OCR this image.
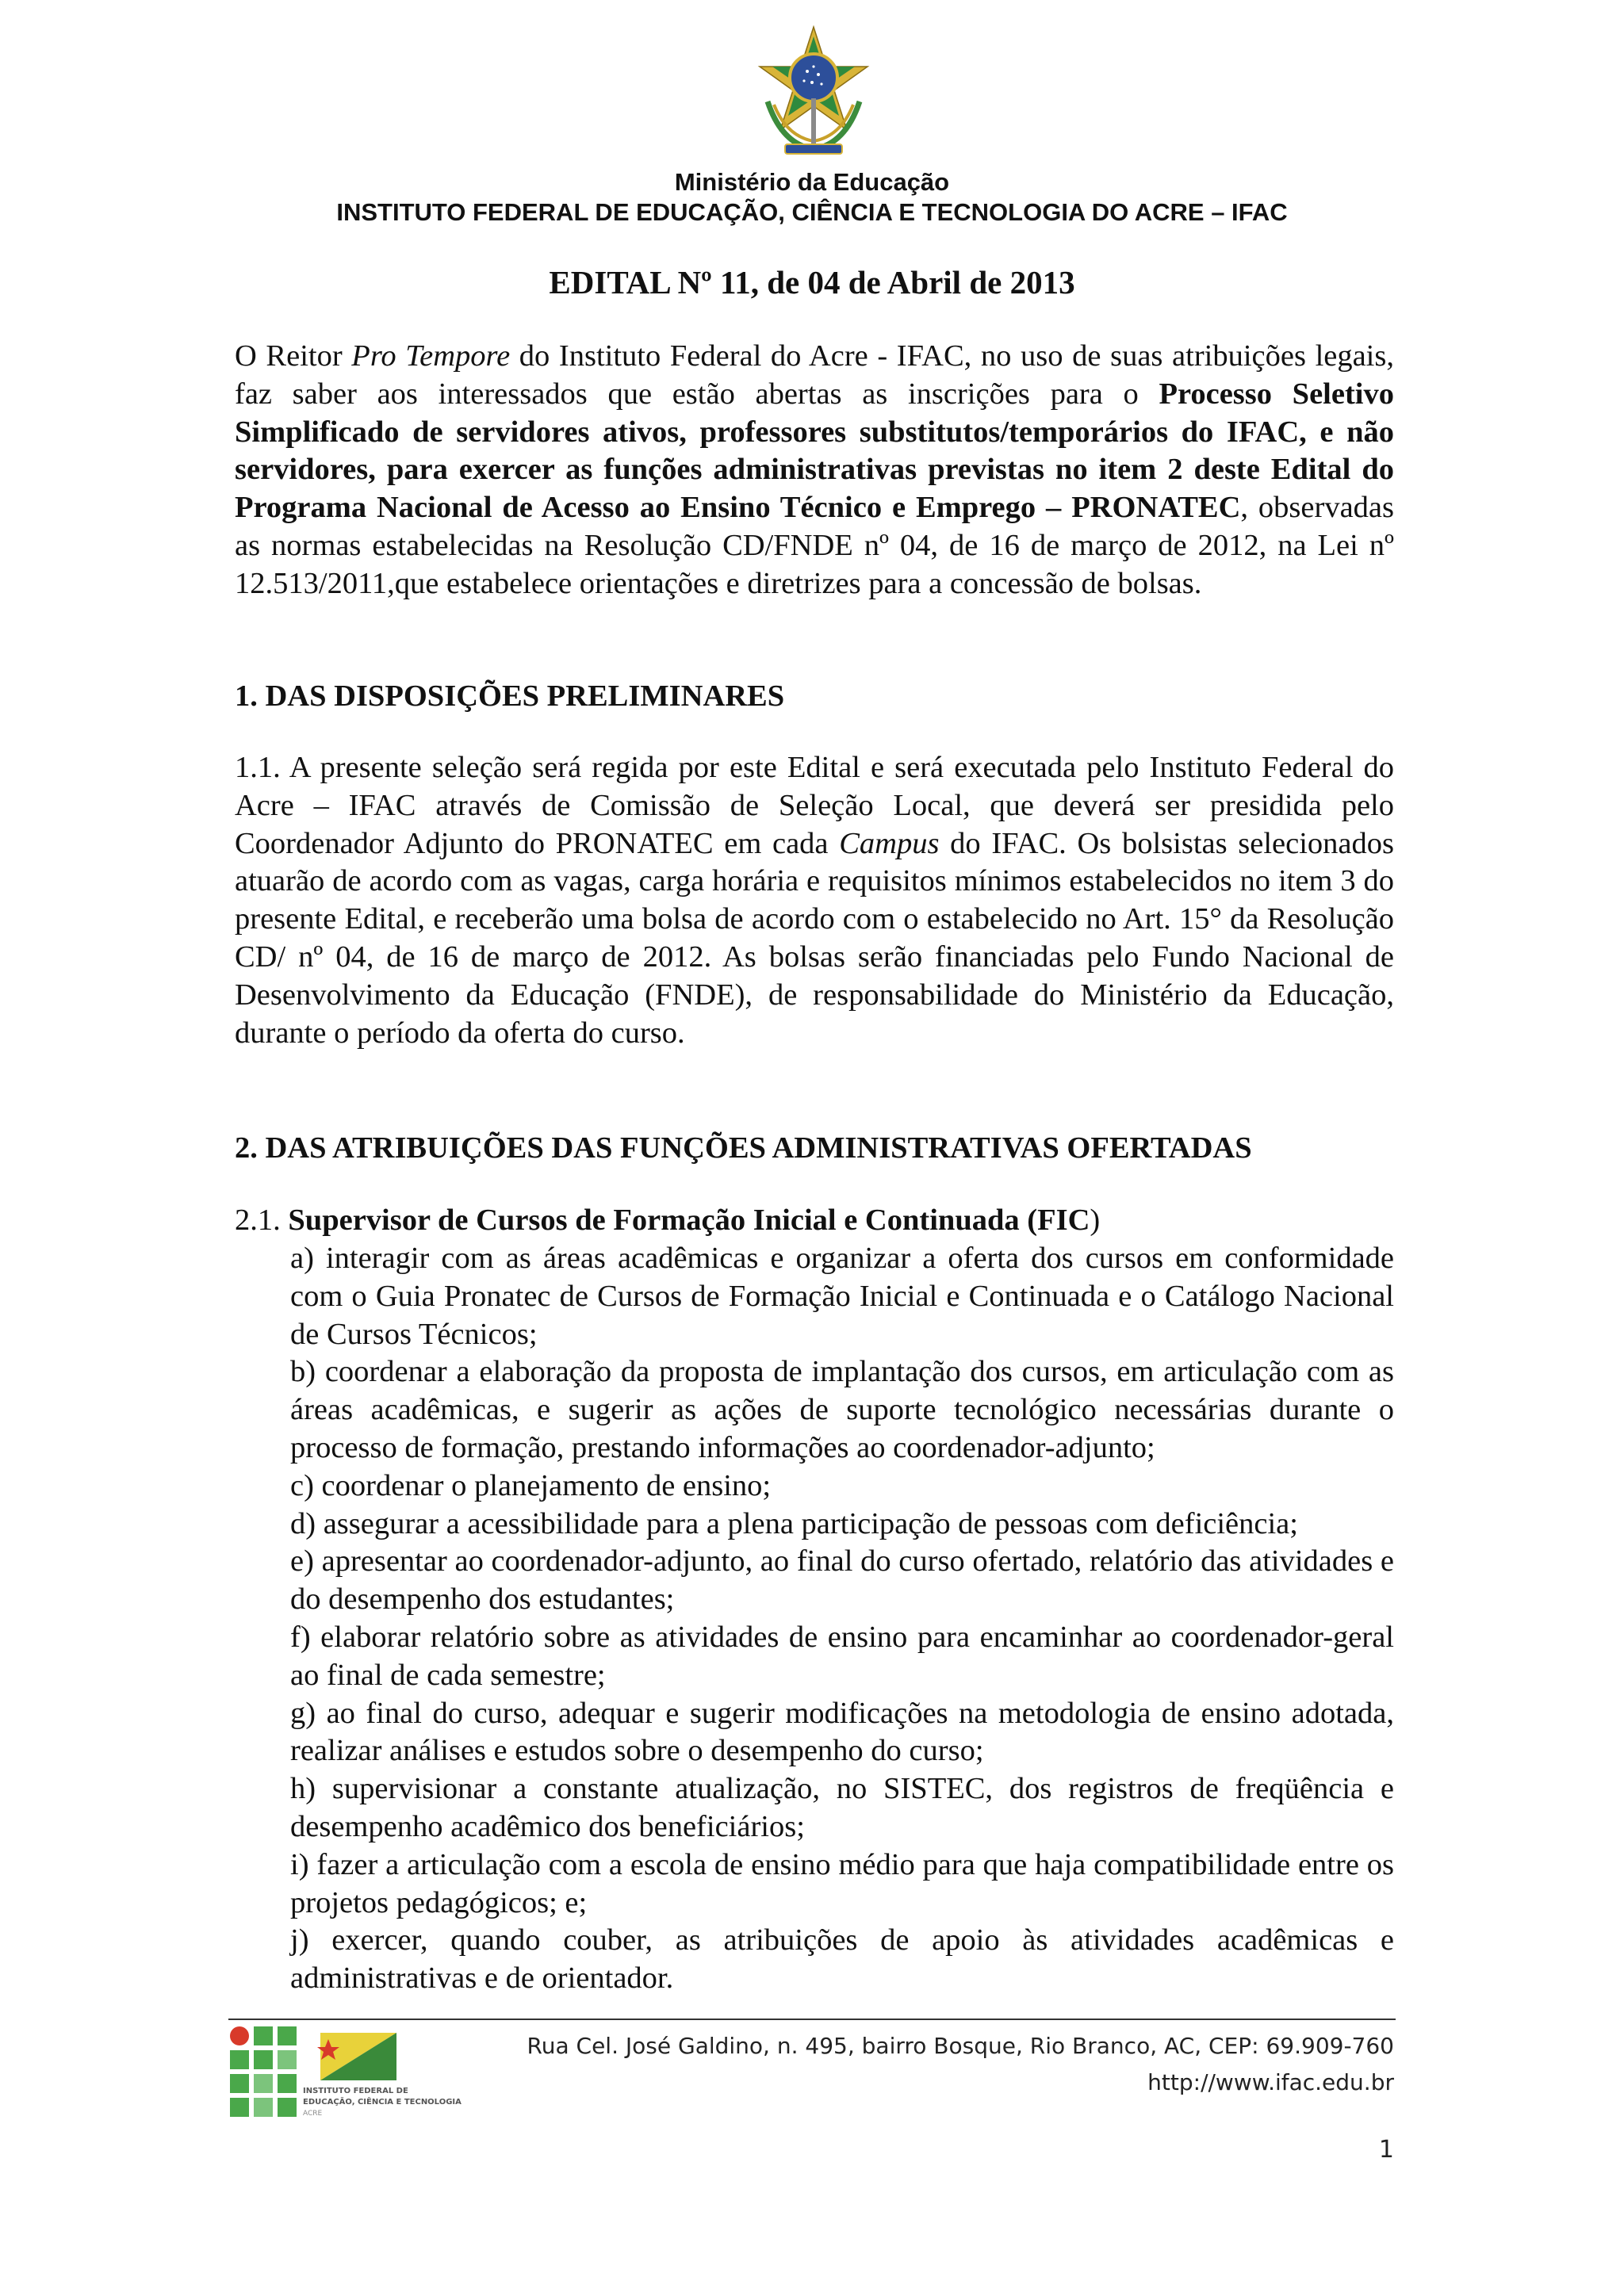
Ministério da Educação
INSTITUTO FEDERAL DE EDUCAÇÃO, CIÊNCIA E TECNOLOGIA DO ACRE – IFAC
EDITAL Nº 11, de 04 de Abril de 2013

O Reitor Pro Tempore do Instituto Federal do Acre - IFAC, no uso de suas atribuições legais, faz saber aos interessados que estão abertas as inscrições para o Processo Seletivo Simplificado de servidores ativos, professores substitutos/temporários do IFAC, e não servidores, para exercer as funções administrativas previstas no item 2 deste Edital do Programa Nacional de Acesso ao Ensino Técnico e Emprego – PRONATEC, observadas as normas estabelecidas na Resolução CD/FNDE nº 04, de 16 de março de 2012, na Lei nº 12.513/2011,que estabelece orientações e diretrizes para a concessão de bolsas.

1. DAS DISPOSIÇÕES PRELIMINARES

1.1. A presente seleção será regida por este Edital e será executada pelo Instituto Federal do Acre – IFAC através de Comissão de Seleção Local, que deverá ser presidida pelo Coordenador Adjunto do PRONATEC em cada Campus do IFAC. Os bolsistas selecionados atuarão de acordo com as vagas, carga horária e requisitos mínimos estabelecidos no item 3 do presente Edital, e receberão uma bolsa de acordo com o estabelecido no Art. 15° da Resolução CD/ nº 04, de 16 de março de 2012. As bolsas serão financiadas pelo Fundo Nacional de Desenvolvimento da Educação (FNDE), de responsabilidade do Ministério da Educação, durante o período da oferta do curso.

2. DAS ATRIBUIÇÕES DAS FUNÇÕES ADMINISTRATIVAS OFERTADAS

2.1. Supervisor de Cursos de Formação Inicial e Continuada (FIC)

a) interagir com as áreas acadêmicas e organizar a oferta dos cursos em conformidade com o Guia Pronatec de Cursos de Formação Inicial e Continuada e o Catálogo Nacional de Cursos Técnicos;

b) coordenar a elaboração da proposta de implantação dos cursos, em articulação com as áreas acadêmicas, e sugerir as ações de suporte tecnológico necessárias durante o processo de formação, prestando informações ao coordenador-adjunto;

c) coordenar o planejamento de ensino;

d) assegurar a acessibilidade para a plena participação de pessoas com deficiência;

e) apresentar ao coordenador-adjunto, ao final do curso ofertado, relatório das atividades e do desempenho dos estudantes;

f) elaborar relatório sobre as atividades de ensino para encaminhar ao coordenador-geral ao final de cada semestre;

g) ao final do curso, adequar e sugerir modificações na metodologia de ensino adotada, realizar análises e estudos sobre o desempenho do curso;

h) supervisionar a constante atualização, no SISTEC, dos registros de freqüência e desempenho acadêmico dos beneficiários;

i) fazer a articulação com a escola de ensino médio para que haja compatibilidade entre os projetos pedagógicos; e;

j) exercer, quando couber, as atribuições de apoio às atividades acadêmicas e administrativas e de orientador.

INSTITUTO FEDERAL DE
EDUCAÇÃO, CIÊNCIA E TECNOLOGIA
ACRE
Rua Cel. José Galdino, n. 495, bairro Bosque, Rio Branco, AC, CEP: 69.909-760
http://www.ifac.edu.br
1
